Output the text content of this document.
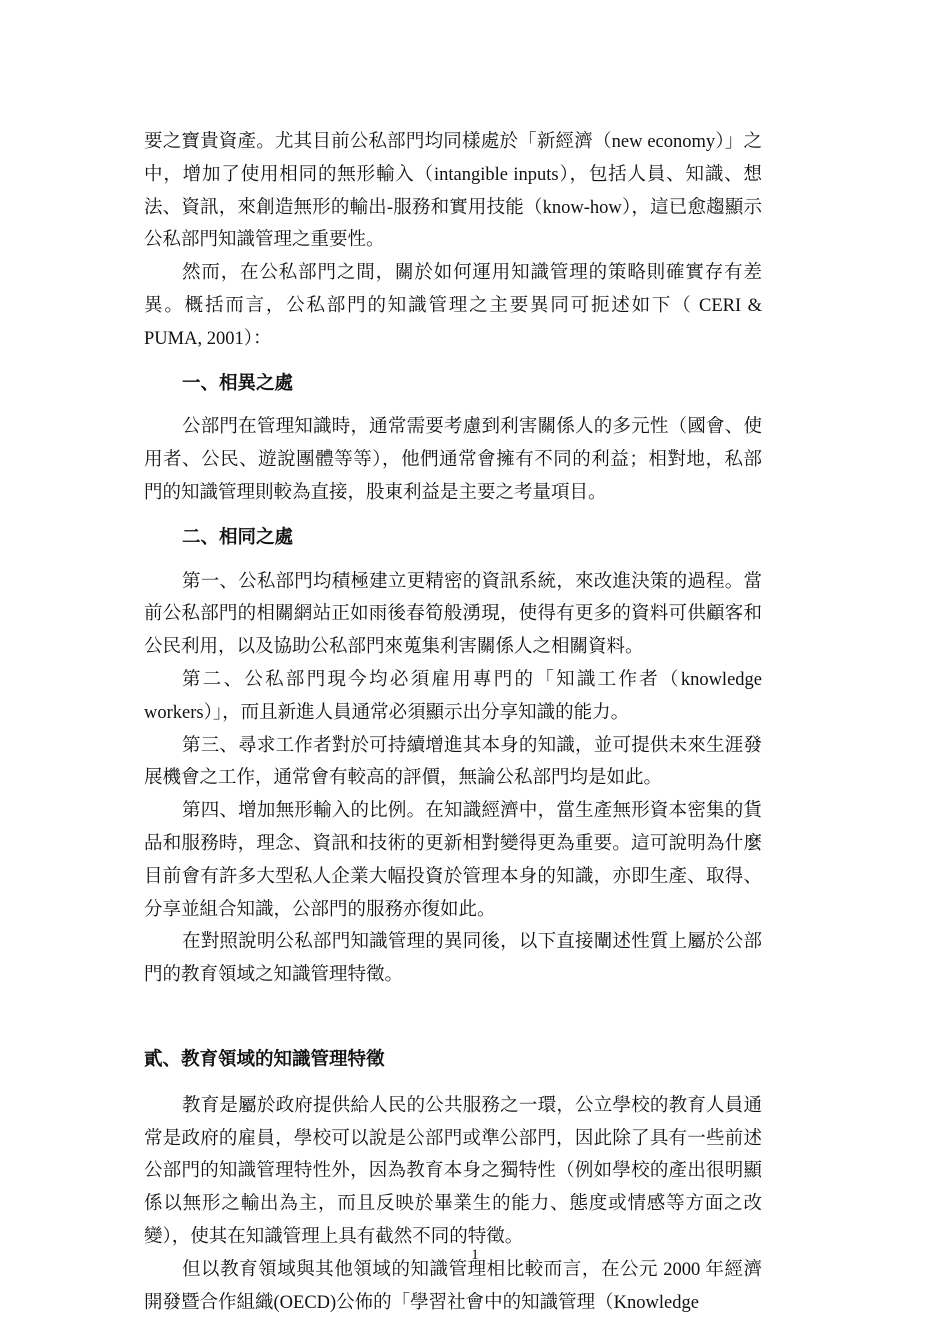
要之寶貴資產。尤其目前公私部門均同樣處於「新經濟（new economy）」之中，增加了使用相同的無形輸入（intangible inputs），包括人員、知識、想法、資訊，來創造無形的輸出-服務和實用技能（know-how），這已愈趨顯示公私部門知識管理之重要性。

然而，在公私部門之間，關於如何運用知識管理的策略則確實存有差異。概括而言，公私部門的知識管理之主要異同可扼述如下（ CERI & PUMA, 2001）：

一、相異之處

公部門在管理知識時，通常需要考慮到利害關係人的多元性（國會、使用者、公民、遊說團體等等），他們通常會擁有不同的利益；相對地，私部門的知識管理則較為直接，股東利益是主要之考量項目。

二、相同之處

第一、公私部門均積極建立更精密的資訊系統，來改進決策的過程。當前公私部門的相關網站正如雨後春筍般湧現，使得有更多的資料可供顧客和公民利用，以及協助公私部門來蒐集利害關係人之相關資料。

第二、公私部門現今均必須雇用專門的「知識工作者（knowledge workers）」，而且新進人員通常必須顯示出分享知識的能力。

第三、尋求工作者對於可持續增進其本身的知識，並可提供未來生涯發展機會之工作，通常會有較高的評價，無論公私部門均是如此。

第四、增加無形輸入的比例。在知識經濟中，當生產無形資本密集的貨品和服務時，理念、資訊和技術的更新相對變得更為重要。這可說明為什麼目前會有許多大型私人企業大幅投資於管理本身的知識，亦即生產、取得、分享並組合知識，公部門的服務亦復如此。

在對照說明公私部門知識管理的異同後，以下直接闡述性質上屬於公部門的教育領域之知識管理特徵。

貳、教育領域的知識管理特徵

教育是屬於政府提供給人民的公共服務之一環，公立學校的教育人員通常是政府的雇員，學校可以說是公部門或準公部門，因此除了具有一些前述公部門的知識管理特性外，因為教育本身之獨特性（例如學校的產出很明顯係以無形之輸出為主，而且反映於畢業生的能力、態度或情感等方面之改變），使其在知識管理上具有截然不同的特徵。

但以教育領域與其他領域的知識管理相比較而言，在公元 2000 年經濟開發暨合作組織(OECD)公佈的「學習社會中的知識管理（Knowledge

1
